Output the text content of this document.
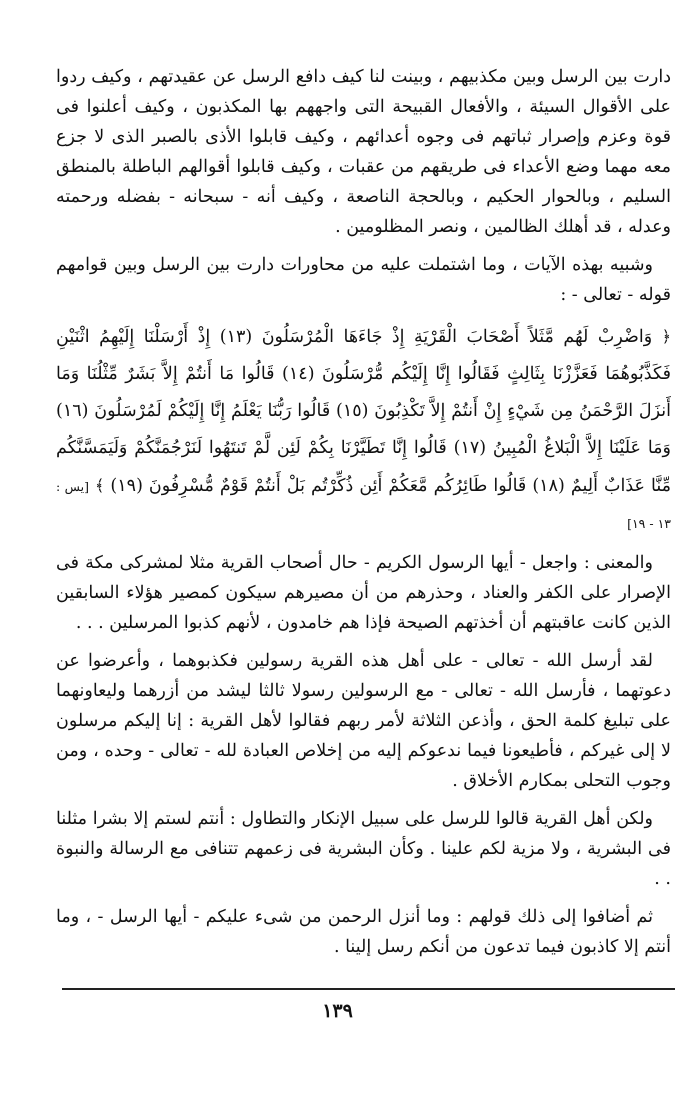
دارت بين الرسل وبين مكذبيهم ، وبينت لنا كيف دافع الرسل عن عقيدتهم ، وكيف ردوا على الأقوال السيئة ، والأفعال القبيحة التى واجههم بها المكذبون ، وكيف أعلنوا فى قوة وعزم وإصرار ثباتهم فى وجوه أعدائهم ، وكيف قابلوا الأذى بالصبر الذى لا جزع معه مهما وضع الأعداء فى طريقهم من عقبات ، وكيف قابلوا أقوالهم الباطلة بالمنطق السليم ، وبالحوار الحكيم ، وبالحجة الناصعة ، وكيف أنه - سبحانه - بفضله ورحمته وعدله ، قد أهلك الظالمين ، ونصر المظلومين .

وشبيه بهذه الآيات ، وما اشتملت عليه من محاورات دارت بين الرسل وبين قوامهم قوله - تعالى - :

﴿ وَاضْرِبْ لَهُم مَّثَلاً أَصْحَابَ الْقَرْيَةِ إِذْ جَاءَهَا الْمُرْسَلُونَ (١٣) إِذْ أَرْسَلْنَا إِلَيْهِمُ اثْنَيْنِ فَكَذَّبُوهُمَا فَعَزَّزْنَا بِثَالِثٍ فَقَالُوا إِنَّا إِلَيْكُم مُّرْسَلُونَ (١٤) قَالُوا مَا أَنتُمْ إِلاَّ بَشَرٌ مِّثْلُنَا وَمَا أَنزَلَ الرَّحْمَنُ مِن شَيْءٍ إِنْ أَنتُمْ إِلاَّ تَكْذِبُونَ (١٥) قَالُوا رَبُّنَا يَعْلَمُ إِنَّا إِلَيْكُمْ لَمُرْسَلُونَ (١٦) وَمَا عَلَيْنَا إِلاَّ الْبَلاغُ الْمُبِينُ (١٧) قَالُوا إِنَّا تَطَيَّرْنَا بِكُمْ لَئِن لَّمْ تَنتَهُوا لَنَرْجُمَنَّكُمْ وَلَيَمَسَّنَّكُم مِّنَّا عَذَابٌ أَلِيمٌ (١٨) قَالُوا طَائِرُكُم مَّعَكُمْ أَئِن ذُكِّرْتُم بَلْ أَنتُمْ قَوْمٌ مُّسْرِفُونَ (١٩) ﴾ [يس : ١٣ - ١٩]

والمعنى : واجعل - أيها الرسول الكريم - حال أصحاب القرية مثلا لمشركى مكة فى الإصرار على الكفر والعناد ، وحذرهم من أن مصيرهم سيكون كمصير هؤلاء السابقين الذين كانت عاقبتهم أن أخذتهم الصيحة فإذا هم خامدون ، لأنهم كذبوا المرسلين . . .

لقد أرسل الله - تعالى - على أهل هذه القرية رسولين فكذبوهما ، وأعرضوا عن دعوتهما ، فأرسل الله - تعالى - مع الرسولين رسولا ثالثا ليشد من أزرهما وليعاونهما على تبليغ كلمة الحق ، وأذعن الثلاثة لأمر ربهم فقالوا لأهل القرية : إنا إليكم مرسلون لا إلى غيركم ، فأطيعونا فيما ندعوكم إليه من إخلاص العبادة لله - تعالى - وحده ، ومن وجوب التحلى بمكارم الأخلاق .

ولكن أهل القرية قالوا للرسل على سبيل الإنكار والتطاول : أنتم لستم إلا بشرا مثلنا فى البشرية ، ولا مزية لكم علينا . وكأن البشرية فى زعمهم تتنافى مع الرسالة والنبوة . .

ثم أضافوا إلى ذلك قولهم : وما أنزل الرحمن من شىء عليكم - أيها الرسل - ، وما أنتم إلا كاذبون فيما تدعون من أنكم رسل إلينا .

١٣٩
